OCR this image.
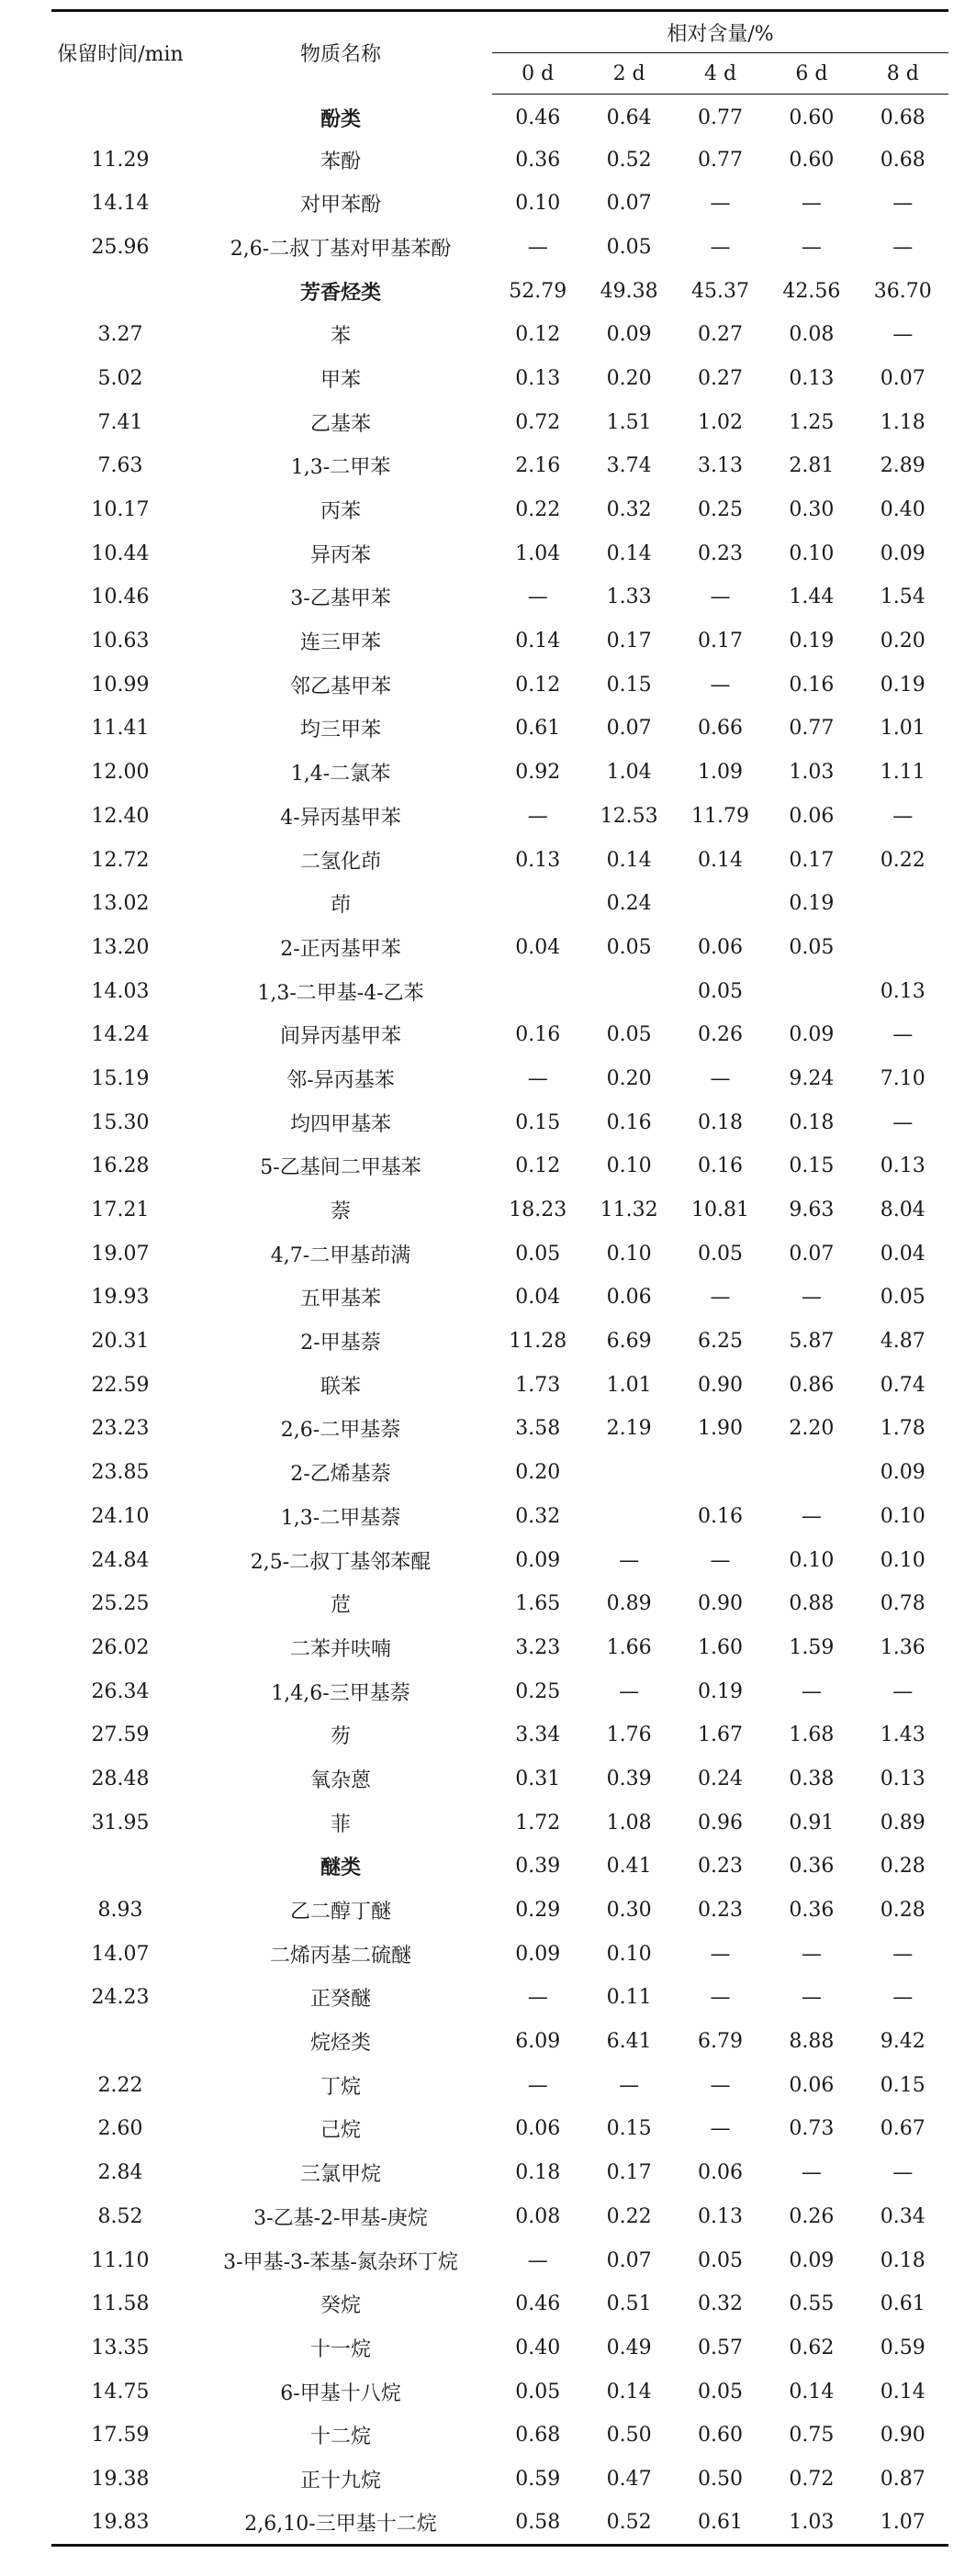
保留时间/min	物质名称	相对含量/%				
		0 d	2 d	4 d	6 d	8 d
	酚类	0.46	0.64	0.77	0.60	0.68
11.29	苯酚	0.36	0.52	0.77	0.60	0.68
14.14	对甲苯酚	0.10	0.07	—	—	—
25.96	2,6-二叔丁基对甲基苯酚	—	0.05	—	—	—
	芳香烃类	52.79	49.38	45.37	42.56	36.70
3.27	苯	0.12	0.09	0.27	0.08	—
5.02	甲苯	0.13	0.20	0.27	0.13	0.07
7.41	乙基苯	0.72	1.51	1.02	1.25	1.18
7.63	1,3-二甲苯	2.16	3.74	3.13	2.81	2.89
10.17	丙苯	0.22	0.32	0.25	0.30	0.40
10.44	异丙苯	1.04	0.14	0.23	0.10	0.09
10.46	3-乙基甲苯	—	1.33	—	1.44	1.54
10.63	连三甲苯	0.14	0.17	0.17	0.19	0.20
10.99	邻乙基甲苯	0.12	0.15	—	0.16	0.19
11.41	均三甲苯	0.61	0.07	0.66	0.77	1.01
12.00	1,4-二氯苯	0.92	1.04	1.09	1.03	1.11
12.40	4-异丙基甲苯	—	12.53	11.79	0.06	—
12.72	二氢化茚	0.13	0.14	0.14	0.17	0.22
13.02	茚		0.24		0.19	
13.20	2-正丙基甲苯	0.04	0.05	0.06	0.05	
14.03	1,3-二甲基-4-乙苯			0.05		0.13
14.24	间异丙基甲苯	0.16	0.05	0.26	0.09	—
15.19	邻-异丙基苯	—	0.20	—	9.24	7.10
15.30	均四甲基苯	0.15	0.16	0.18	0.18	—
16.28	5-乙基间二甲基苯	0.12	0.10	0.16	0.15	0.13
17.21	萘	18.23	11.32	10.81	9.63	8.04
19.07	4,7-二甲基茚满	0.05	0.10	0.05	0.07	0.04
19.93	五甲基苯	0.04	0.06	—	—	0.05
20.31	2-甲基萘	11.28	6.69	6.25	5.87	4.87
22.59	联苯	1.73	1.01	0.90	0.86	0.74
23.23	2,6-二甲基萘	3.58	2.19	1.90	2.20	1.78
23.85	2-乙烯基萘	0.20				0.09
24.10	1,3-二甲基萘	0.32		0.16	—	0.10
24.84	2,5-二叔丁基邻苯醌	0.09	—	—	0.10	0.10
25.25	苊	1.65	0.89	0.90	0.88	0.78
26.02	二苯并呋喃	3.23	1.66	1.60	1.59	1.36
26.34	1,4,6-三甲基萘	0.25	—	0.19	—	—
27.59	芴	3.34	1.76	1.67	1.68	1.43
28.48	氧杂蒽	0.31	0.39	0.24	0.38	0.13
31.95	菲	1.72	1.08	0.96	0.91	0.89
	醚类	0.39	0.41	0.23	0.36	0.28
8.93	乙二醇丁醚	0.29	0.30	0.23	0.36	0.28
14.07	二烯丙基二硫醚	0.09	0.10	—	—	—
24.23	正癸醚	—	0.11	—	—	—
	烷烃类	6.09	6.41	6.79	8.88	9.42
2.22	丁烷	—	—	—	0.06	0.15
2.60	己烷	0.06	0.15	—	0.73	0.67
2.84	三氯甲烷	0.18	0.17	0.06	—	—
8.52	3-乙基-2-甲基-庚烷	0.08	0.22	0.13	0.26	0.34
11.10	3-甲基-3-苯基-氮杂环丁烷	—	0.07	0.05	0.09	0.18
11.58	癸烷	0.46	0.51	0.32	0.55	0.61
13.35	十一烷	0.40	0.49	0.57	0.62	0.59
14.75	6-甲基十八烷	0.05	0.14	0.05	0.14	0.14
17.59	十二烷	0.68	0.50	0.60	0.75	0.90
19.38	正十九烷	0.59	0.47	0.50	0.72	0.87
19.83	2,6,10-三甲基十二烷	0.58	0.52	0.61	1.03	1.07
